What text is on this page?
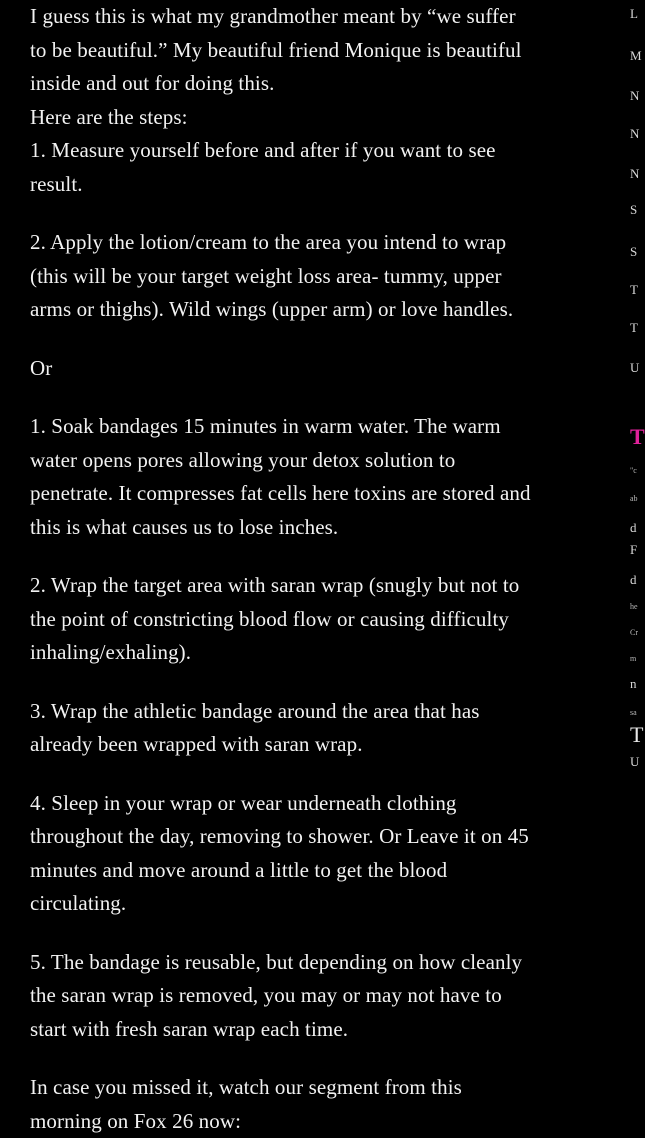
I guess this is what my grandmother meant by “we suffer
to be beautiful.” My beautiful friend Monique is beautiful
inside and out for doing this.
Here are the steps:
1. Measure yourself before and after if you want to see
result.
2. Apply the lotion/cream to the area you intend to wrap
(this will be your target weight loss area- tummy, upper
arms or thighs). Wild wings (upper arm) or love handles.
Or
1. Soak bandages 15 minutes in warm water. The warm
water opens pores allowing your detox solution to
penetrate. It compresses fat cells here toxins are stored and
this is what causes us to lose inches.
2. Wrap the target area with saran wrap (snugly but not to
the point of constricting blood flow or causing difficulty
inhaling/exhaling).
3. Wrap the athletic bandage around the area that has
already been wrapped with saran wrap.
4. Sleep in your wrap or wear underneath clothing
throughout the day, removing to shower. Or Leave it on 45
minutes and move around a little to get the blood
circulating.
5. The bandage is reusable, but depending on how cleanly
the saran wrap is removed, you may or may not have to
start with fresh saran wrap each time.
In case you missed it, watch our segment from this
morning on Fox 26 now:
L
M
N
N
N
S
S
T
T
U
T
"c
ab
d
F
d
he
Cr
m
n
sa
T
U
